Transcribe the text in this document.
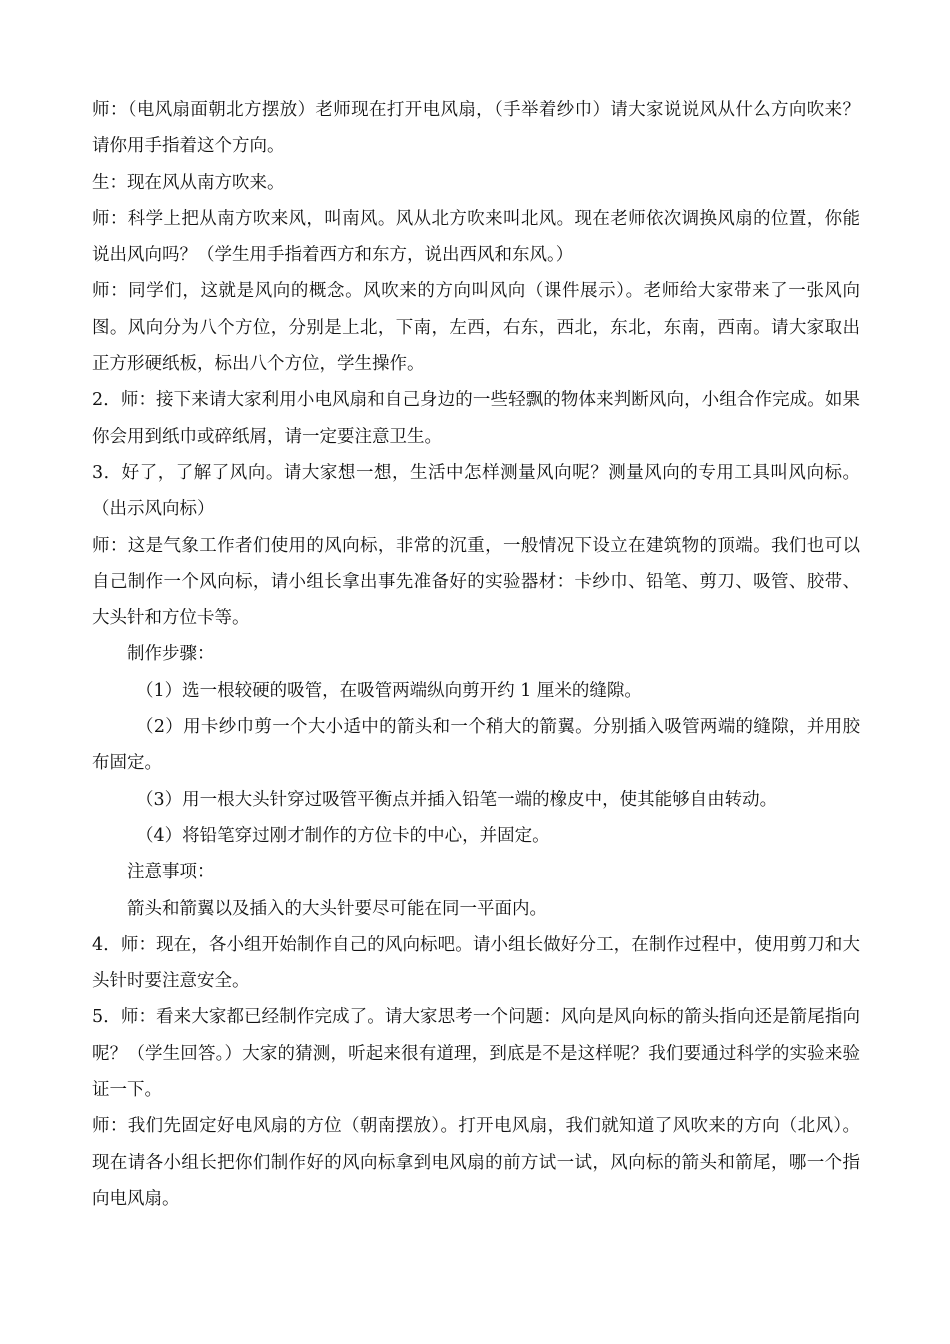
师：（电风扇面朝北方摆放）老师现在打开电风扇，（手举着纱巾）请大家说说风从什么方向吹来？请你用手指着这个方向。

生：现在风从南方吹来。

师：科学上把从南方吹来风，叫南风。风从北方吹来叫北风。现在老师依次调换风扇的位置，你能说出风向吗？（学生用手指着西方和东方，说出西风和东风。）

师：同学们，这就是风向的概念。风吹来的方向叫风向（课件展示）。老师给大家带来了一张风向图。风向分为八个方位，分别是上北，下南，左西，右东，西北，东北，东南，西南。请大家取出正方形硬纸板，标出八个方位，学生操作。

2．师：接下来请大家利用小电风扇和自己身边的一些轻飘的物体来判断风向，小组合作完成。如果你会用到纸巾或碎纸屑，请一定要注意卫生。

3．好了，了解了风向。请大家想一想，生活中怎样测量风向呢？测量风向的专用工具叫风向标。（出示风向标）

师：这是气象工作者们使用的风向标，非常的沉重，一般情况下设立在建筑物的顶端。我们也可以自己制作一个风向标，请小组长拿出事先准备好的实验器材：卡纱巾、铅笔、剪刀、吸管、胶带、大头针和方位卡等。

制作步骤：

（1）选一根较硬的吸管，在吸管两端纵向剪开约 1 厘米的缝隙。

（2）用卡纱巾剪一个大小适中的箭头和一个稍大的箭翼。分别插入吸管两端的缝隙，并用胶布固定。

（3）用一根大头针穿过吸管平衡点并插入铅笔一端的橡皮中，使其能够自由转动。

（4）将铅笔穿过刚才制作的方位卡的中心，并固定。

注意事项：

箭头和箭翼以及插入的大头针要尽可能在同一平面内。

4．师：现在，各小组开始制作自己的风向标吧。请小组长做好分工，在制作过程中，使用剪刀和大头针时要注意安全。

5．师：看来大家都已经制作完成了。请大家思考一个问题：风向是风向标的箭头指向还是箭尾指向呢？（学生回答。）大家的猜测，听起来很有道理，到底是不是这样呢？我们要通过科学的实验来验证一下。

师：我们先固定好电风扇的方位（朝南摆放）。打开电风扇，我们就知道了风吹来的方向（北风）。现在请各小组长把你们制作好的风向标拿到电风扇的前方试一试，风向标的箭头和箭尾，哪一个指向电风扇。
